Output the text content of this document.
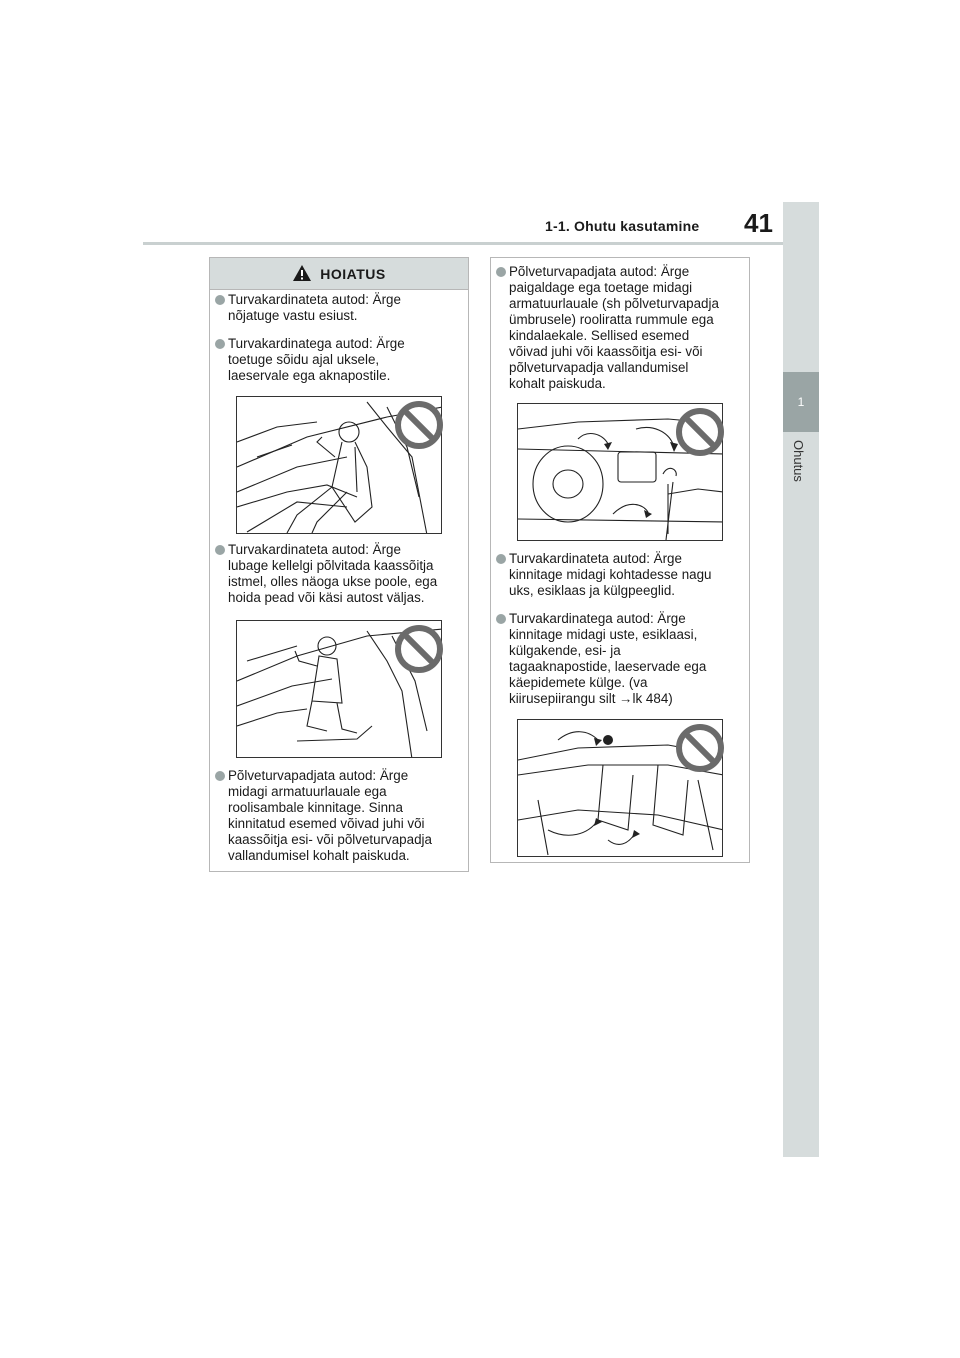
1-1. Ohutu kasutamine 41
1
Ohutus
HOIATUS
Turvakardinateta autod: Ärge
nõjatuge vastu esiust.
Turvakardinatega autod: Ärge
toetuge sõidu ajal uksele,
laeservale ega aknapostile.
Turvakardinateta autod: Ärge
lubage kellelgi põlvitada kaassõitja
istmel, olles näoga ukse poole, ega
hoida pead või käsi autost väljas.
Põlveturvapadjata autod: Ärge
midagi armatuurlauale ega
roolisambale kinnitage. Sinna
kinnitatud esemed võivad juhi või
kaassõitja esi- või põlveturvapadja
vallandumisel kohalt paiskuda.
Põlveturvapadjata autod: Ärge
paigaldage ega toetage midagi
armatuurlauale (sh põlveturvapadja
ümbrusele) rooliratta rummule ega
kindalaekale. Sellised esemed
võivad juhi või kaassõitja esi- või
põlveturvapadja vallandumisel
kohalt paiskuda.
Turvakardinateta autod: Ärge
kinnitage midagi kohtadesse nagu
uks, esiklaas ja külgpeeglid.
Turvakardinatega autod: Ärge
kinnitage midagi uste, esiklaasi,
külgakende, esi- ja
tagaaknapostide, laeservade ega
käepidemete külge. (va
kiirusepiirangu silt →lk 484)
